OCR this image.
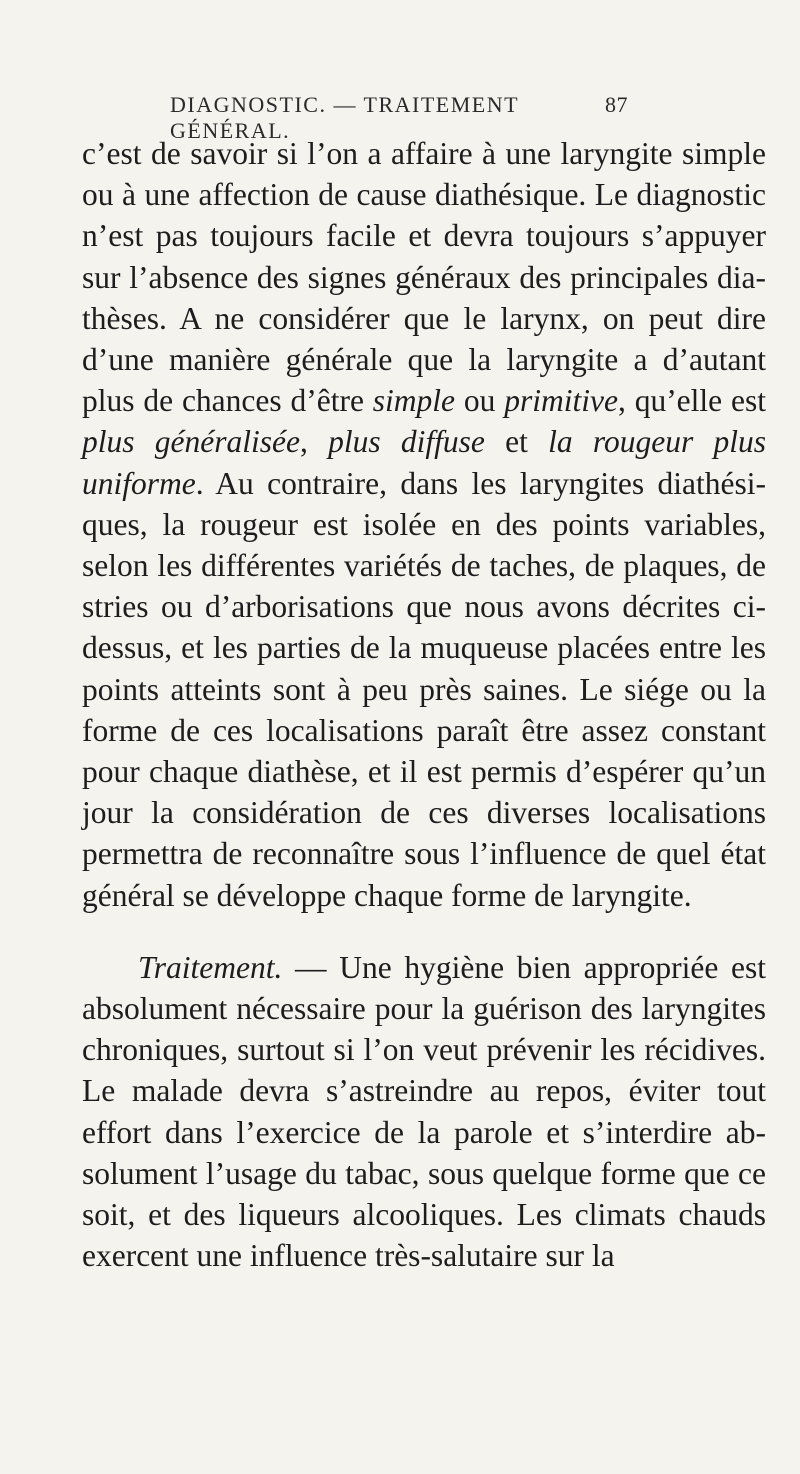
DIAGNOSTIC. — TRAITEMENT GÉNÉRAL.
87

c’est de savoir si l’on a affaire à une laryngite simple ou à une affection de cause diathésique. Le diagnostic n’est pas toujours facile et devra toujours s’appuyer sur l’absence des signes généraux des principales dia- thèses. A ne considérer que le larynx, on peut dire d’une manière générale que la laryngite a d’autant plus de chances d’être simple ou primitive, qu’elle est plus généralisée, plus diffuse et la rougeur plus uniforme. Au contraire, dans les laryngites diathési- ques, la rougeur est isolée en des points variables, selon les différentes variétés de taches, de plaques, de stries ou d’arborisations que nous avons décrites ci- dessus, et les parties de la muqueuse placées entre les points atteints sont à peu près saines. Le siége ou la forme de ces localisations paraît être assez constant pour chaque diathèse, et il est permis d’espérer qu’un jour la considération de ces diverses localisations permettra de reconnaître sous l’influence de quel état général se développe chaque forme de laryngite.

Traitement. — Une hygiène bien appropriée est absolument nécessaire pour la guérison des laryngites chroniques, surtout si l’on veut prévenir les récidives. Le malade devra s’astreindre au repos, éviter tout effort dans l’exercice de la parole et s’interdire ab- solument l’usage du tabac, sous quelque forme que ce soit, et des liqueurs alcooliques. Les climats chauds exercent une influence très-salutaire sur la
